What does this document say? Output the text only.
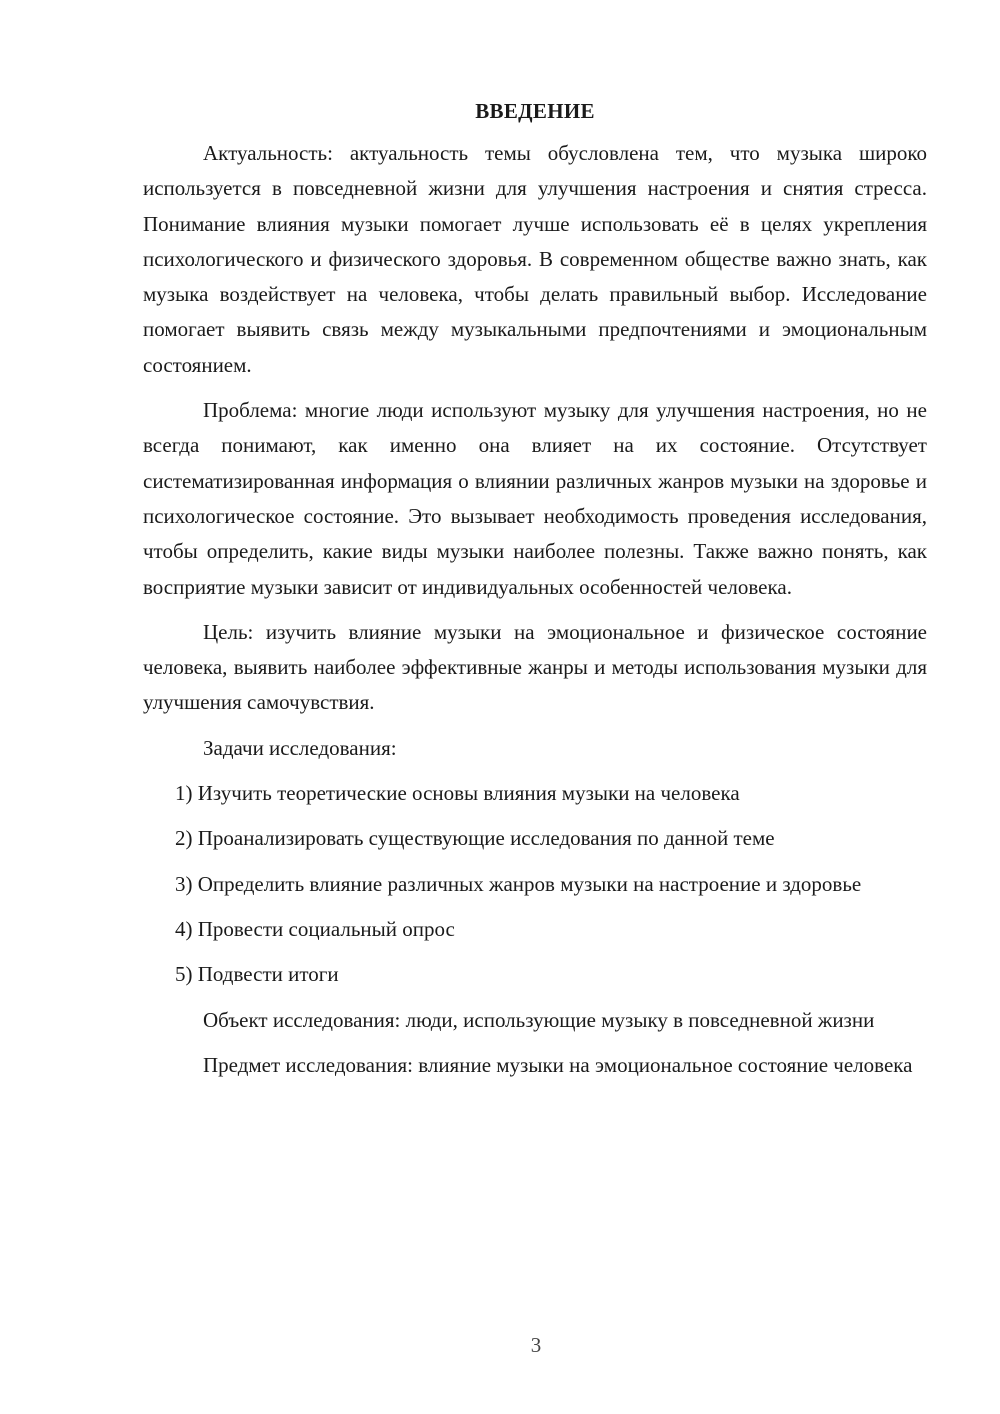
ВВЕДЕНИЕ

Актуальность: актуальность темы обусловлена тем, что музыка широко используется в повседневной жизни для улучшения настроения и снятия стресса. Понимание влияния музыки помогает лучше использовать её в целях укрепления психологического и физического здоровья. В современном обществе важно знать, как музыка воздействует на человека, чтобы делать правильный выбор. Исследование помогает выявить связь между музыкальными предпочтениями и эмоциональным состоянием.

Проблема: многие люди используют музыку для улучшения настроения, но не всегда понимают, как именно она влияет на их состояние. Отсутствует систематизированная информация о влиянии различных жанров музыки на здоровье и психологическое состояние. Это вызывает необходимость проведения исследования, чтобы определить, какие виды музыки наиболее полезны. Также важно понять, как восприятие музыки зависит от индивидуальных особенностей человека.

Цель: изучить влияние музыки на эмоциональное и физическое состояние человека, выявить наиболее эффективные жанры и методы использования музыки для улучшения самочувствия.

Задачи исследования:

1) Изучить теоретические основы влияния музыки на человека

2) Проанализировать существующие исследования по данной теме

3) Определить влияние различных жанров музыки на настроение и здоровье

4) Провести социальный опрос

5) Подвести итоги

Объект исследования: люди, использующие музыку в повседневной жизни

Предмет исследования: влияние музыки на эмоциональное состояние человека

3
